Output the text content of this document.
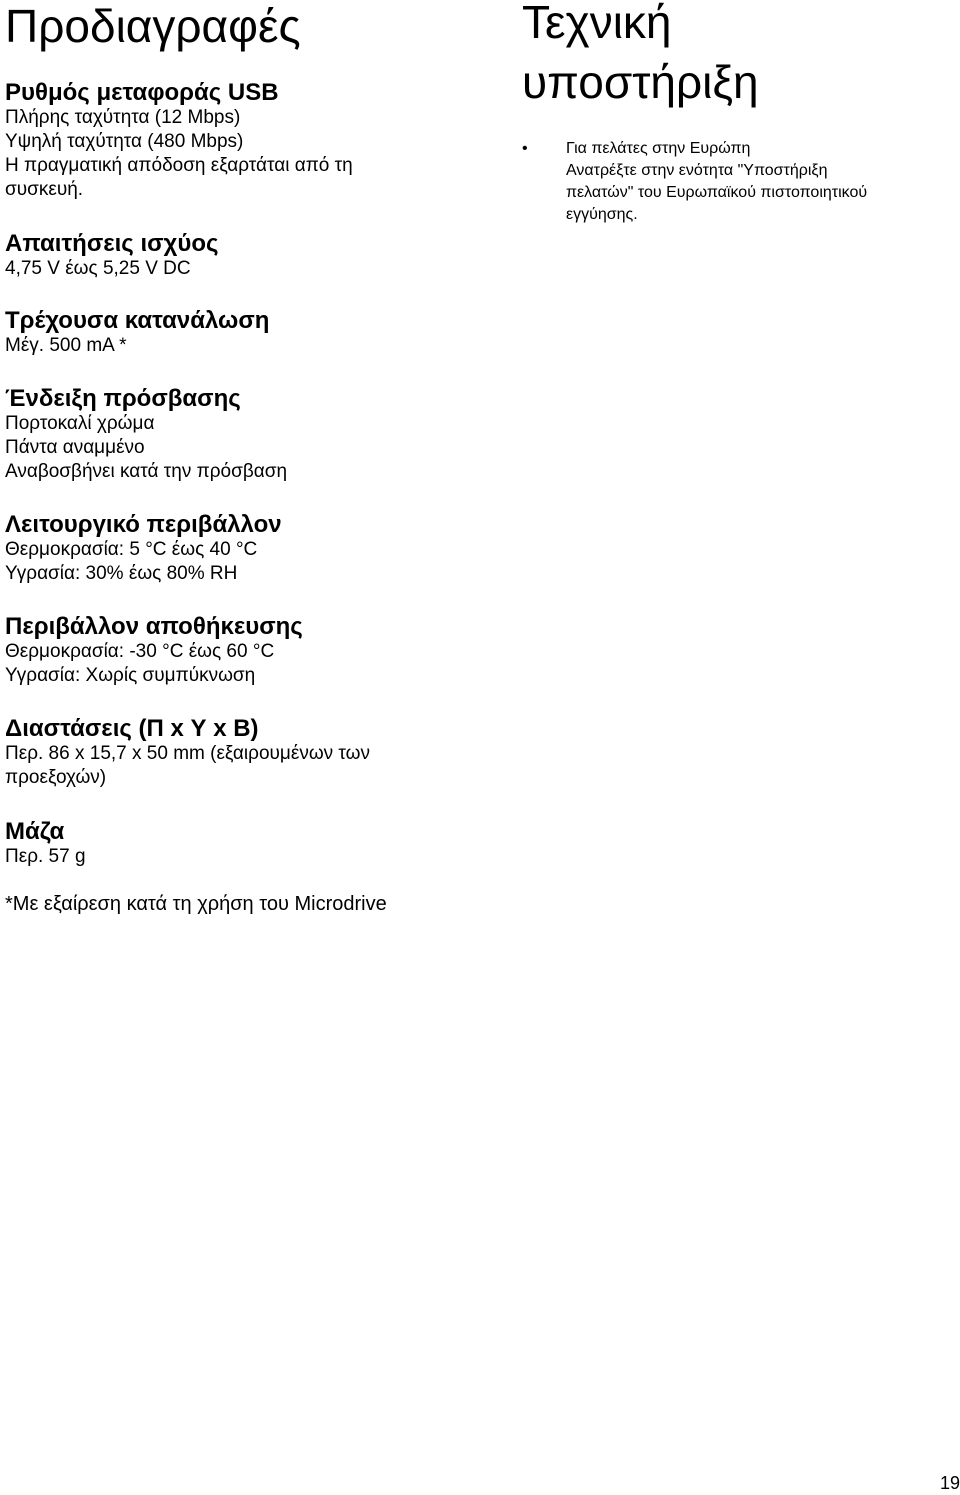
Προδιαγραφές
Ρυθμός μεταφοράς USB
Πλήρης ταχύτητα (12 Mbps)
Υψηλή ταχύτητα (480 Mbps)
Η πραγματική απόδοση εξαρτάται από τη
συσκευή.
Απαιτήσεις ισχύος
4,75 V έως 5,25 V DC
Τρέχουσα κατανάλωση
Μέγ. 500 mA *
Ένδειξη πρόσβασης
Πορτοκαλί χρώμα
Πάντα αναμμένο
Αναβοσβήνει κατά την πρόσβαση
Λειτουργικό περιβάλλον
Θερμοκρασία: 5 °C έως 40 °C
Υγρασία: 30% έως 80% RH
Περιβάλλον αποθήκευσης
Θερμοκρασία: -30 °C έως 60 °C
Υγρασία: Χωρίς συμπύκνωση
Διαστάσεις (Π x Υ x Β)
Περ. 86 x 15,7 x 50 mm (εξαιρουμένων των
προεξοχών)
Μάζα
Περ. 57 g
*Με εξαίρεση κατά τη χρήση του Microdrive
Τεχνική
υποστήριξη
•	Για πελάτες στην Ευρώπη
Ανατρέξτε στην ενότητα "Υποστήριξη
πελατών" του Ευρωπαϊκού πιστοποιητικού
εγγύησης.
19
